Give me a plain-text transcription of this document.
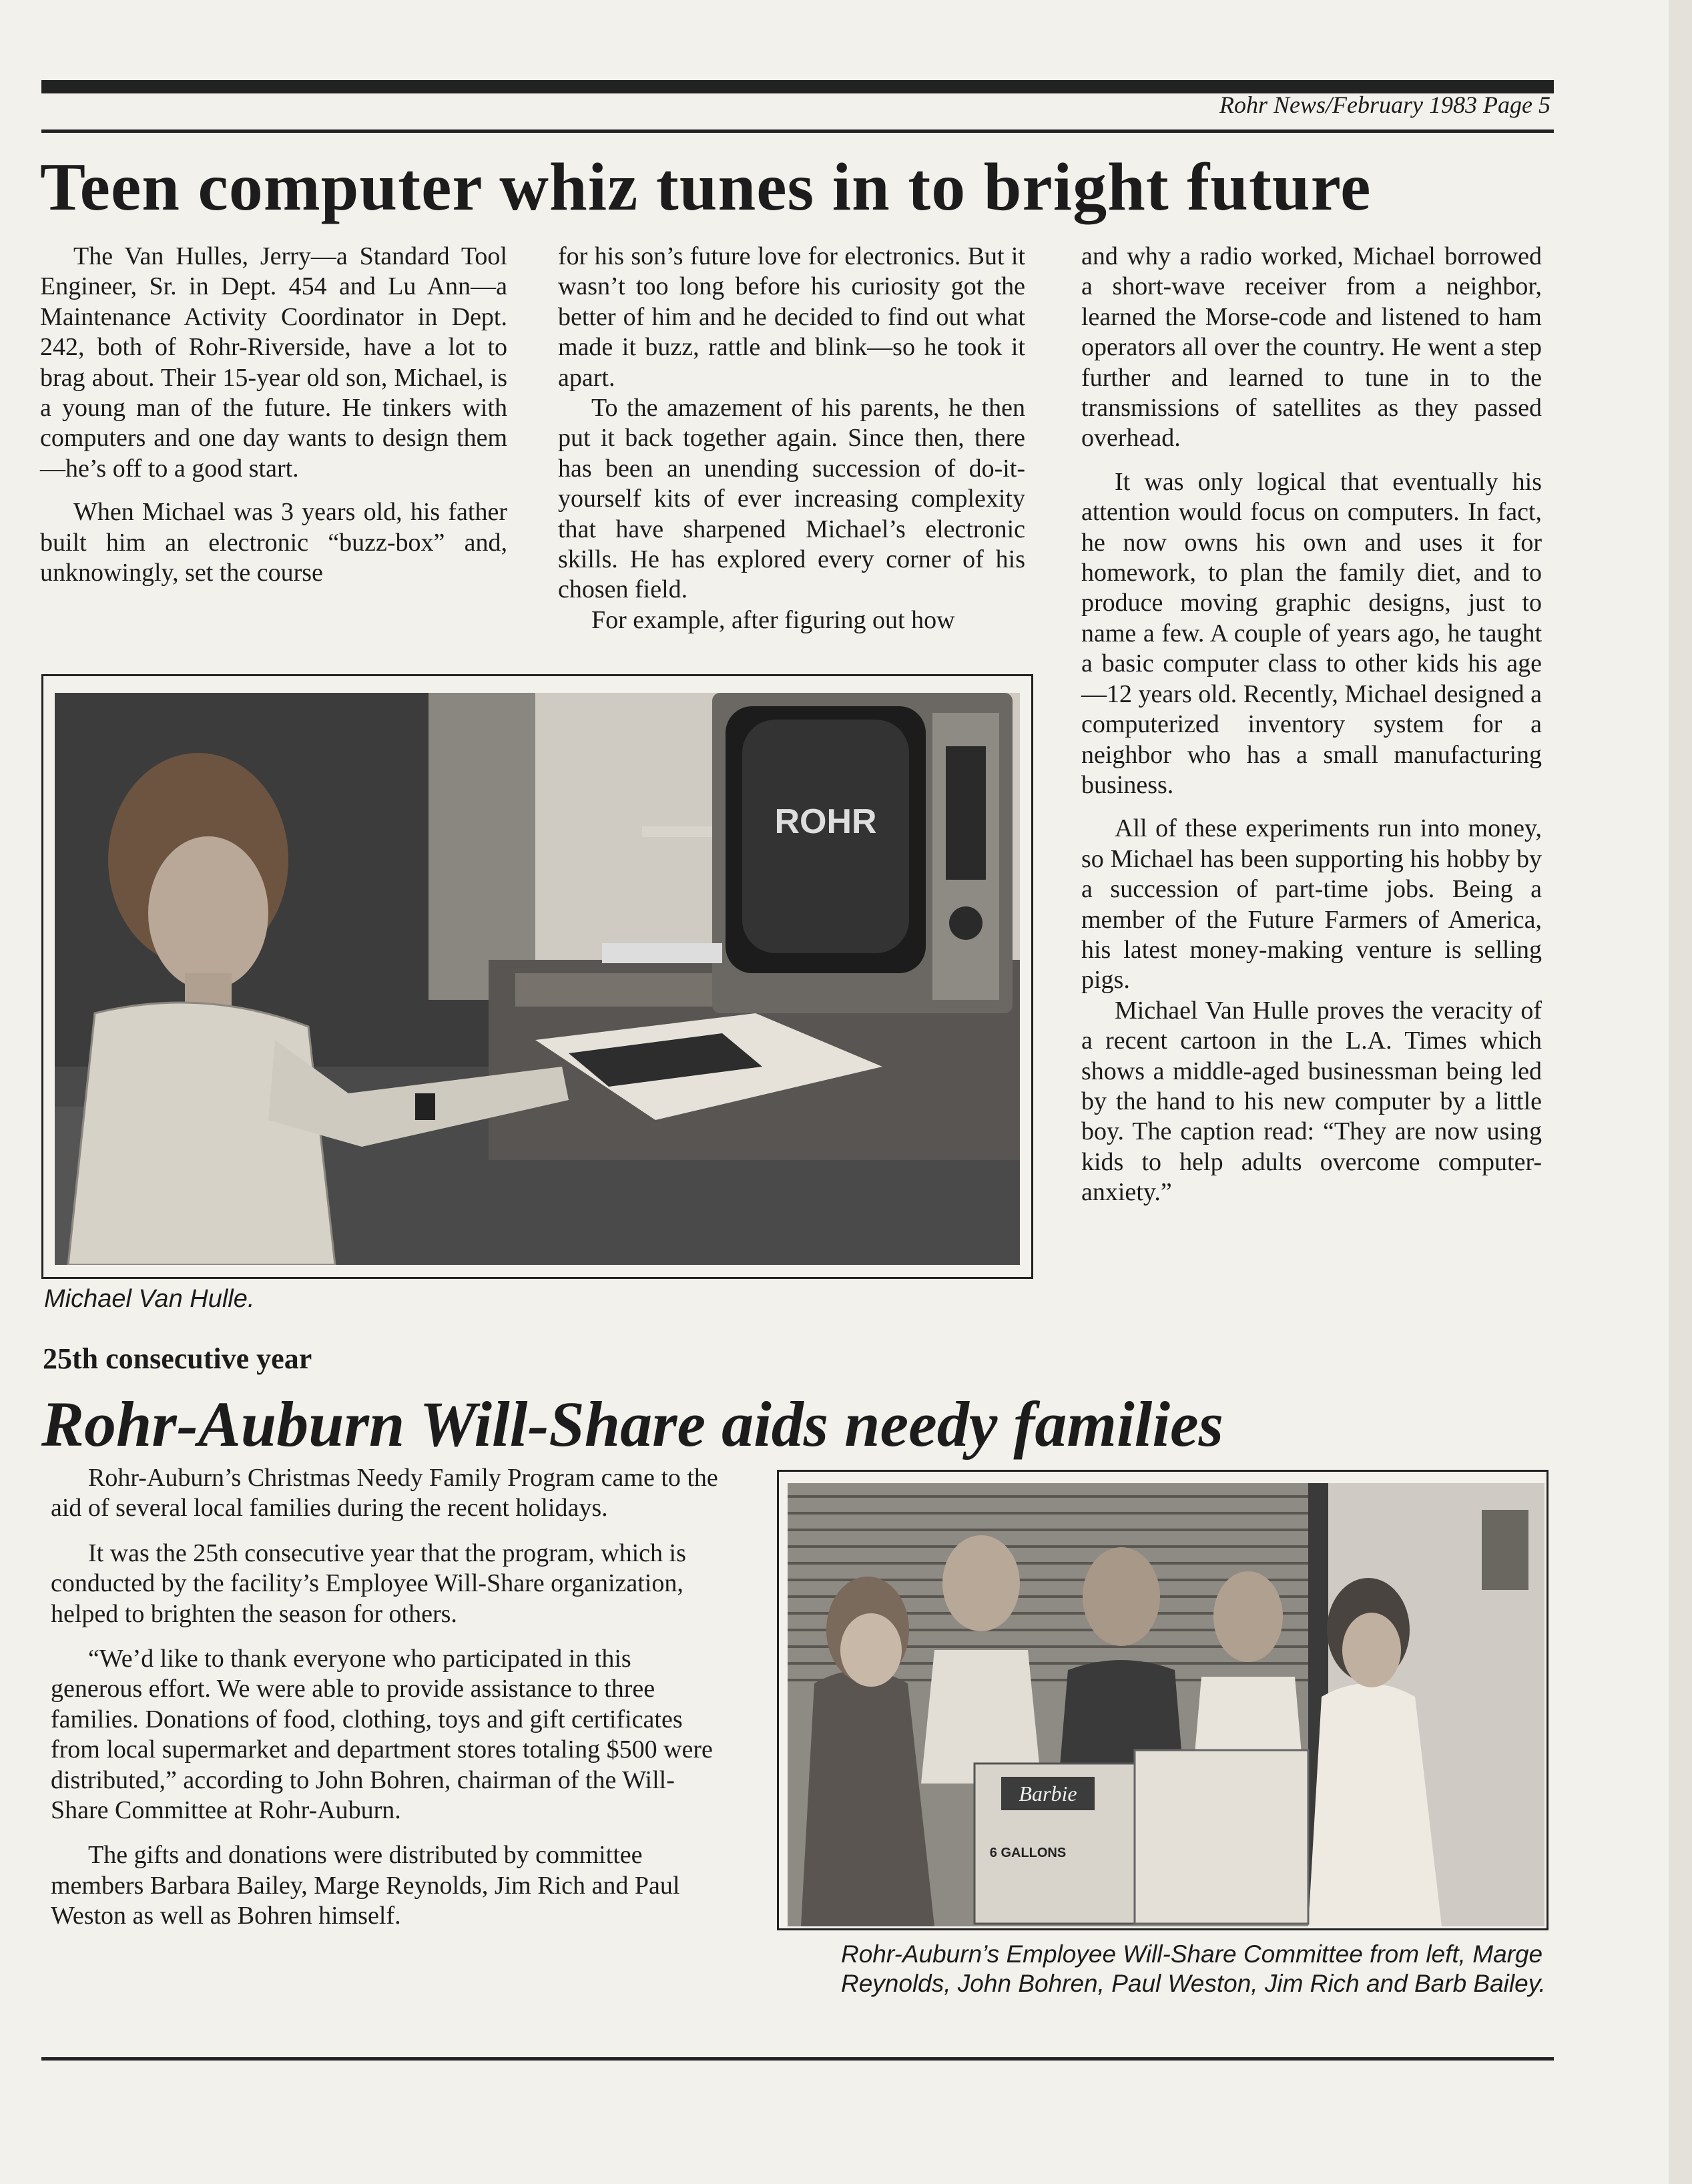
Rohr News/February 1983 Page 5
Teen computer whiz tunes in to bright future

The Van Hulles, Jerry—a Standard Tool Engineer, Sr. in Dept. 454 and Lu Ann—a Maintenance Activity Coordinator in Dept. 242, both of Rohr-Riverside, have a lot to brag about. Their 15-year old son, Michael, is a young man of the future. He tinkers with computers and one day wants to design them—he’s off to a good start.

When Michael was 3 years old, his father built him an electronic “buzz-box” and, unknowingly, set the course

for his son’s future love for electronics. But it wasn’t too long before his curiosity got the better of him and he decided to find out what made it buzz, rattle and blink—so he took it apart.

To the amazement of his parents, he then put it back together again. Since then, there has been an unending succession of do-it-yourself kits of ever increasing complexity that have sharpened Michael’s electronic skills. He has explored every corner of his chosen field.

For example, after figuring out how

and why a radio worked, Michael borrowed a short-wave receiver from a neighbor, learned the Morse-code and listened to ham operators all over the country. He went a step further and learned to tune in to the transmissions of satellites as they passed overhead.

It was only logical that eventually his attention would focus on computers. In fact, he now owns his own and uses it for homework, to plan the family diet, and to produce moving graphic designs, just to name a few. A couple of years ago, he taught a basic computer class to other kids his age—12 years old. Recently, Michael designed a computerized inventory system for a neighbor who has a small manufacturing business.

All of these experiments run into money, so Michael has been supporting his hobby by a succession of part-time jobs. Being a member of the Future Farmers of America, his latest money-making venture is selling pigs.

Michael Van Hulle proves the veracity of a recent cartoon in the L.A. Times which shows a middle-aged businessman being led by the hand to his new computer by a little boy. The caption read: “They are now using kids to help adults overcome computer-anxiety.”

ROHR
Michael Van Hulle.
25th consecutive year
Rohr-Auburn Will-Share aids needy families

Rohr-Auburn’s Christmas Needy Family Program came to the aid of several local families during the recent holidays.

It was the 25th consecutive year that the program, which is conducted by the facility’s Employee Will-Share organization, helped to brighten the season for others.

“We’d like to thank everyone who participated in this generous effort. We were able to provide assistance to three families. Donations of food, clothing, toys and gift certificates from local supermarket and department stores totaling $500 were distributed,” according to John Bohren, chairman of the Will-Share Committee at Rohr-Auburn.

The gifts and donations were distributed by committee members Barbara Bailey, Marge Reynolds, Jim Rich and Paul Weston as well as Bohren himself.

Barbie
6 GALLONS
Rohr-Auburn’s Employee Will-Share Committee from left, Marge Reynolds, John Bohren, Paul Weston, Jim Rich and Barb Bailey.
